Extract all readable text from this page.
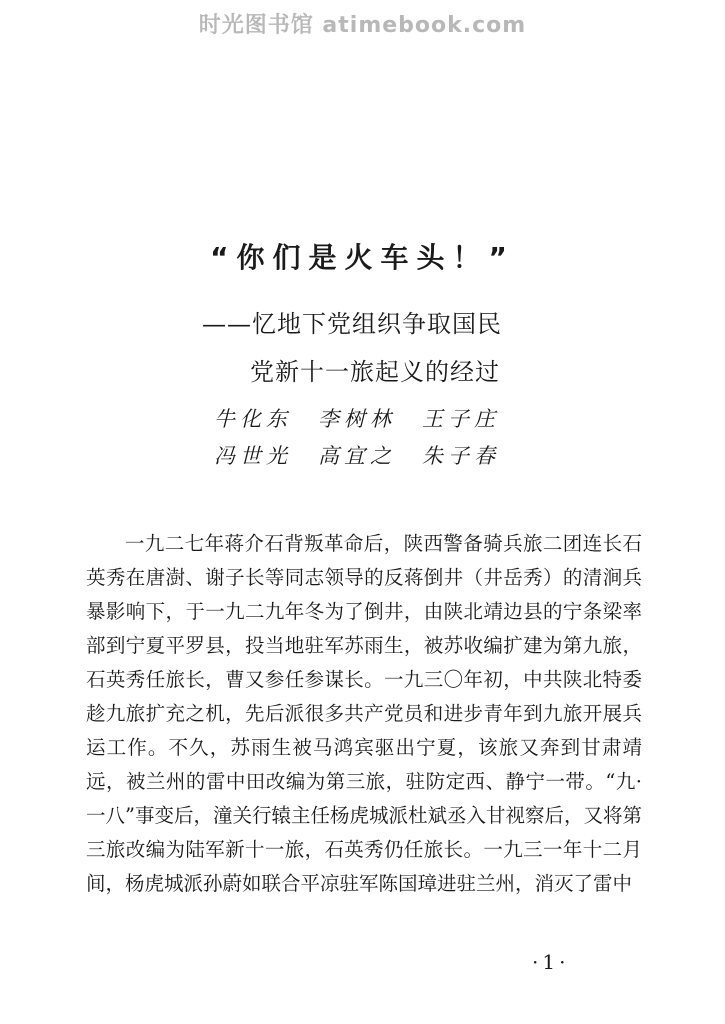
时光图书馆 atimebook.com
“你们是火车头！”
——忆地下党组织争取国民
党新十一旅起义的经过
牛化东　李树林　王子庄
冯世光　高宜之　朱子春

一九二七年蒋介石背叛革命后，陕西警备骑兵旅二团连长石英秀在唐澍、谢子长等同志领导的反蒋倒井（井岳秀）的清涧兵暴影响下，于一九二九年冬为了倒井，由陕北靖边县的宁条梁率部到宁夏平罗县，投当地驻军苏雨生，被苏收编扩建为第九旅，石英秀任旅长，曹又参任参谋长。一九三〇年初，中共陕北特委趁九旅扩充之机，先后派很多共产党员和进步青年到九旅开展兵运工作。不久，苏雨生被马鸿宾驱出宁夏，该旅又奔到甘肃靖远，被兰州的雷中田改编为第三旅，驻防定西、静宁一带。“九·一八”事变后，潼关行辕主任杨虎城派杜斌丞入甘视察后，又将第三旅改编为陆军新十一旅，石英秀仍任旅长。一九三一年十二月间，杨虎城派孙蔚如联合平凉驻军陈国璋进驻兰州，消灭了雷中

·1·
